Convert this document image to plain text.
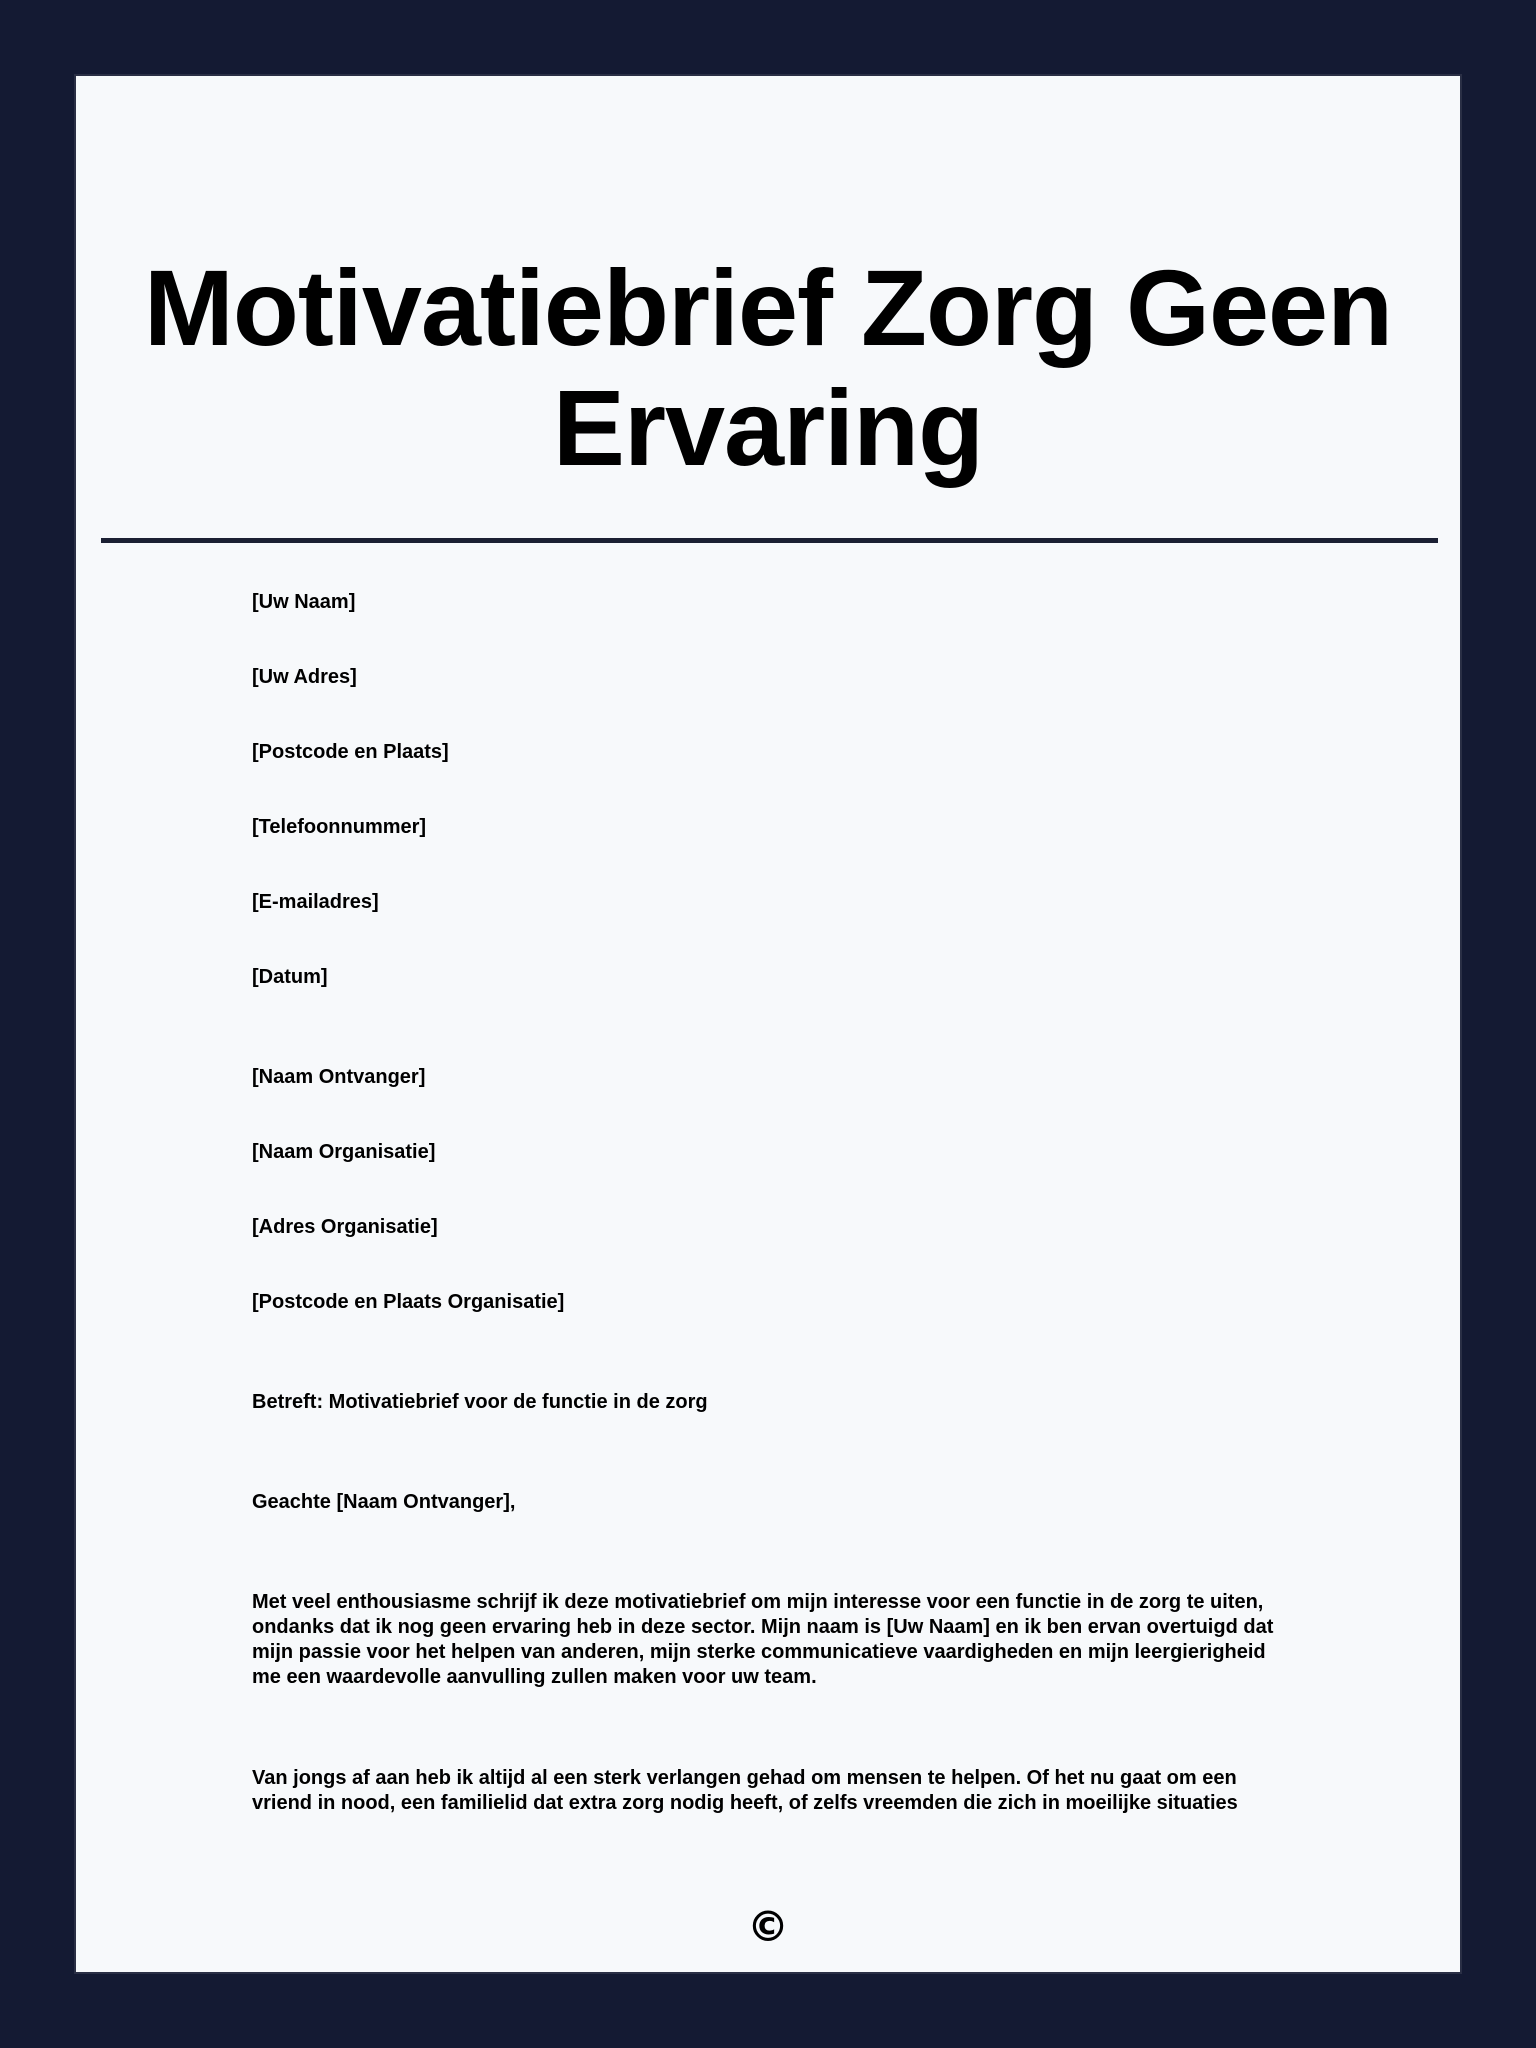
Motivatiebrief Zorg Geen Ervaring
[Uw Naam]
[Uw Adres]
[Postcode en Plaats]
[Telefoonnummer]
[E-mailadres]
[Datum]
[Naam Ontvanger]
[Naam Organisatie]
[Adres Organisatie]
[Postcode en Plaats Organisatie]
Betreft: Motivatiebrief voor de functie in de zorg
Geachte [Naam Ontvanger],
Met veel enthousiasme schrijf ik deze motivatiebrief om mijn interesse voor een functie in de zorg te uiten, ondanks dat ik nog geen ervaring heb in deze sector. Mijn naam is [Uw Naam] en ik ben ervan overtuigd dat mijn passie voor het helpen van anderen, mijn sterke communicatieve vaardigheden en mijn leergierigheid me een waardevolle aanvulling zullen maken voor uw team.
Van jongs af aan heb ik altijd al een sterk verlangen gehad om mensen te helpen. Of het nu gaat om een vriend in nood, een familielid dat extra zorg nodig heeft, of zelfs vreemden die zich in moeilijke situaties
©
